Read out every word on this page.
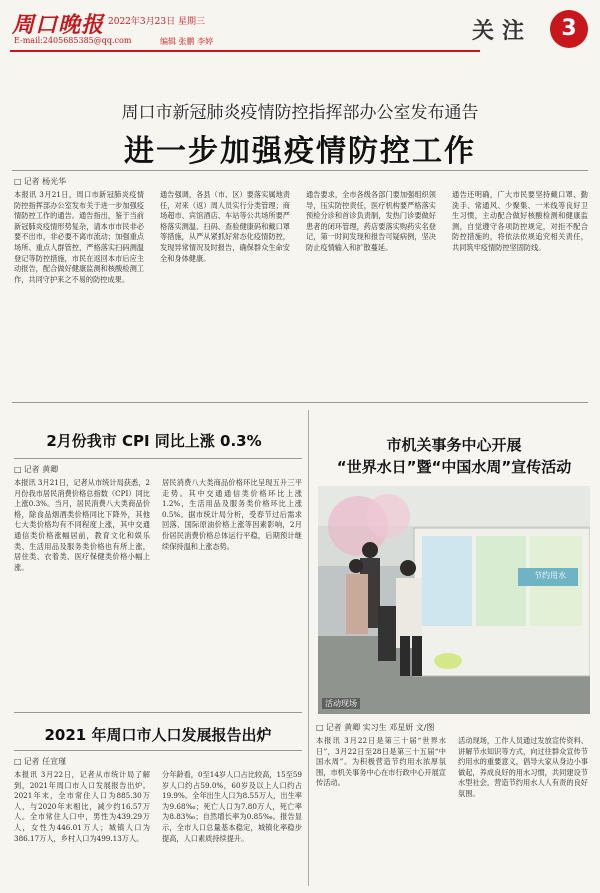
周口晚报 2022年3月23日 星期三
E-mail:2405685385@qq.com	编辑 张鹏 李婷	关注	3
周口市新冠肺炎疫情防控指挥部办公室发布通告
进一步加强疫情防控工作
□ 记者 杨光华
本报讯 3月21日，周口市新冠肺炎疫情防控指挥部办公室发布关于进一步加强疫情防控工作的通告。通告指出，鉴于当前新冠肺炎疫情形势复杂，请本市市民非必要不出市，非必要不离市流动；加强重点场所、重点人群管控，严格落实扫码测温登记等防控措施，市民在返回本市后应主动报告，配合做好健康监测和核酸检测工作，共同守护来之不易的防控成果。
通告强调，各县（市、区）要落实属地责任，对来（返）周人员实行分类管理；商场超市、宾馆酒店、车站等公共场所要严格落实测温、扫码、查验健康码和戴口罩等措施，从严从紧抓好常态化疫情防控，发现异常情况及时报告，确保群众生命安全和身体健康。
通告要求，全市各级各部门要加强组织领导，压实防控责任，医疗机构要严格落实预检分诊和首诊负责制，发热门诊要做好患者的闭环管理，药店要落实购药实名登记，第一时间发现和报告可疑病例，坚决防止疫情输入和扩散蔓延。
通告还明确，广大市民要坚持戴口罩、勤洗手、常通风、少聚集、一米线等良好卫生习惯，主动配合做好核酸检测和健康监测，自觉遵守各项防控规定，对拒不配合防控措施的，将依法依规追究相关责任，共同筑牢疫情防控坚固防线。
2月份我市 CPI 同比上涨 0.3%
□ 记者 黄卿
本报讯 3月21日，记者从市统计局获悉，2月份我市居民消费价格总指数（CPI）同比上涨0.3%。当月，居民消费八大类商品价格，除食品烟酒类价格同比下降外，其他七大类价格均有不同程度上涨，其中交通通信类价格涨幅居前，教育文化和娱乐类、生活用品及服务类价格也有所上涨，居住类、衣着类、医疗保健类价格小幅上涨。
居民消费八大类商品价格环比呈现五升三平走势。其中交通通信类价格环比上涨1.2%，生活用品及服务类价格环比上涨0.5%。据市统计局分析，受春节过后需求回落、国际原油价格上涨等因素影响，2月份居民消费价格总体运行平稳，后期预计继续保持温和上涨态势。
市机关事务中心开展
“世界水日”暨“中国水周”宣传活动
节约用水
活动现场
□ 记者 黄卿 实习生 邓星妍 文/图
本报讯 3月22日是第三十届“世界水日”，3月22日至28日是第三十五届“中国水周”。为积极营造节约用水浓厚氛围，市机关事务中心在市行政中心开展宣传活动。
活动现场，工作人员通过发放宣传资料、讲解节水知识等方式，向过往群众宣传节约用水的重要意义，倡导大家从身边小事做起，养成良好的用水习惯，共同建设节水型社会，营造节约用水人人有责的良好氛围。
2021 年周口市人口发展报告出炉
□ 记者 任宣瑾
本报讯 3月22日，记者从市统计局了解到，2021年周口市人口发展报告出炉。2021年末，全市常住人口为885.30万人，与2020年末相比，减少约16.57万人。全市常住人口中，男性为439.29万人，女性为446.01万人；城镇人口为386.17万人，乡村人口为499.13万人。
分年龄看，0至14岁人口占比较高，15至59岁人口约占59.0%，60岁及以上人口约占19.9%。全年出生人口为8.55万人，出生率为9.68‰；死亡人口为7.80万人，死亡率为8.83‰；自然增长率为0.85‰。报告显示，全市人口总量基本稳定，城镇化率稳步提高，人口素质持续提升。
